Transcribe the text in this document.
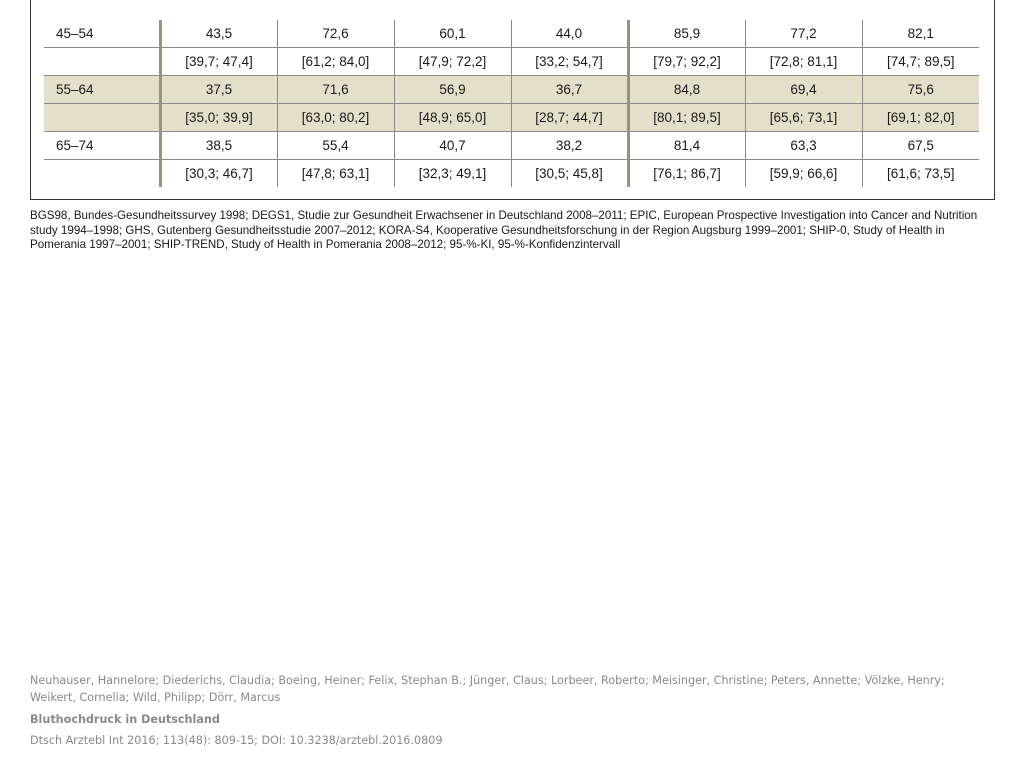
45–54	43,5	72,6	60,1	44,0	85,9	77,2	82,1
	[39,7; 47,4]	[61,2; 84,0]	[47,9; 72,2]	[33,2; 54,7]	[79,7; 92,2]	[72,8; 81,1]	[74,7; 89,5]
55–64	37,5	71,6	56,9	36,7	84,8	69,4	75,6
	[35,0; 39,9]	[63,0; 80,2]	[48,9; 65,0]	[28,7; 44,7]	[80,1; 89,5]	[65,6; 73,1]	[69,1; 82,0]
65–74	38,5	55,4	40,7	38,2	81,4	63,3	67,5
	[30,3; 46,7]	[47,8; 63,1]	[32,3; 49,1]	[30,5; 45,8]	[76,1; 86,7]	[59,9; 66,6]	[61,6; 73,5]

BGS98, Bundes-Gesundheitssurvey 1998; DEGS1, Studie zur Gesundheit Erwachsener in Deutschland 2008–2011; EPIC, European Prospective Investigation into Cancer and Nutrition study 1994–1998; GHS, Gutenberg Gesundheitsstudie 2007–2012; KORA-S4, Kooperative Gesundheitsforschung in der Region Augsburg 1999–2001; SHIP-0, Study of Health in Pomerania 1997–2001; SHIP-TREND, Study of Health in Pomerania 2008–2012; 95-%-KI, 95-%-Konfidenzintervall

Neuhauser, Hannelore; Diederichs, Claudia; Boeing, Heiner; Felix, Stephan B.; Jünger, Claus; Lorbeer, Roberto; Meisinger, Christine; Peters, Annette; Völzke, Henry; Weikert, Cornelia; Wild, Philipp; Dörr, Marcus

Bluthochdruck in Deutschland

Dtsch Arztebl Int 2016; 113(48): 809-15; DOI: 10.3238/arztebl.2016.0809
